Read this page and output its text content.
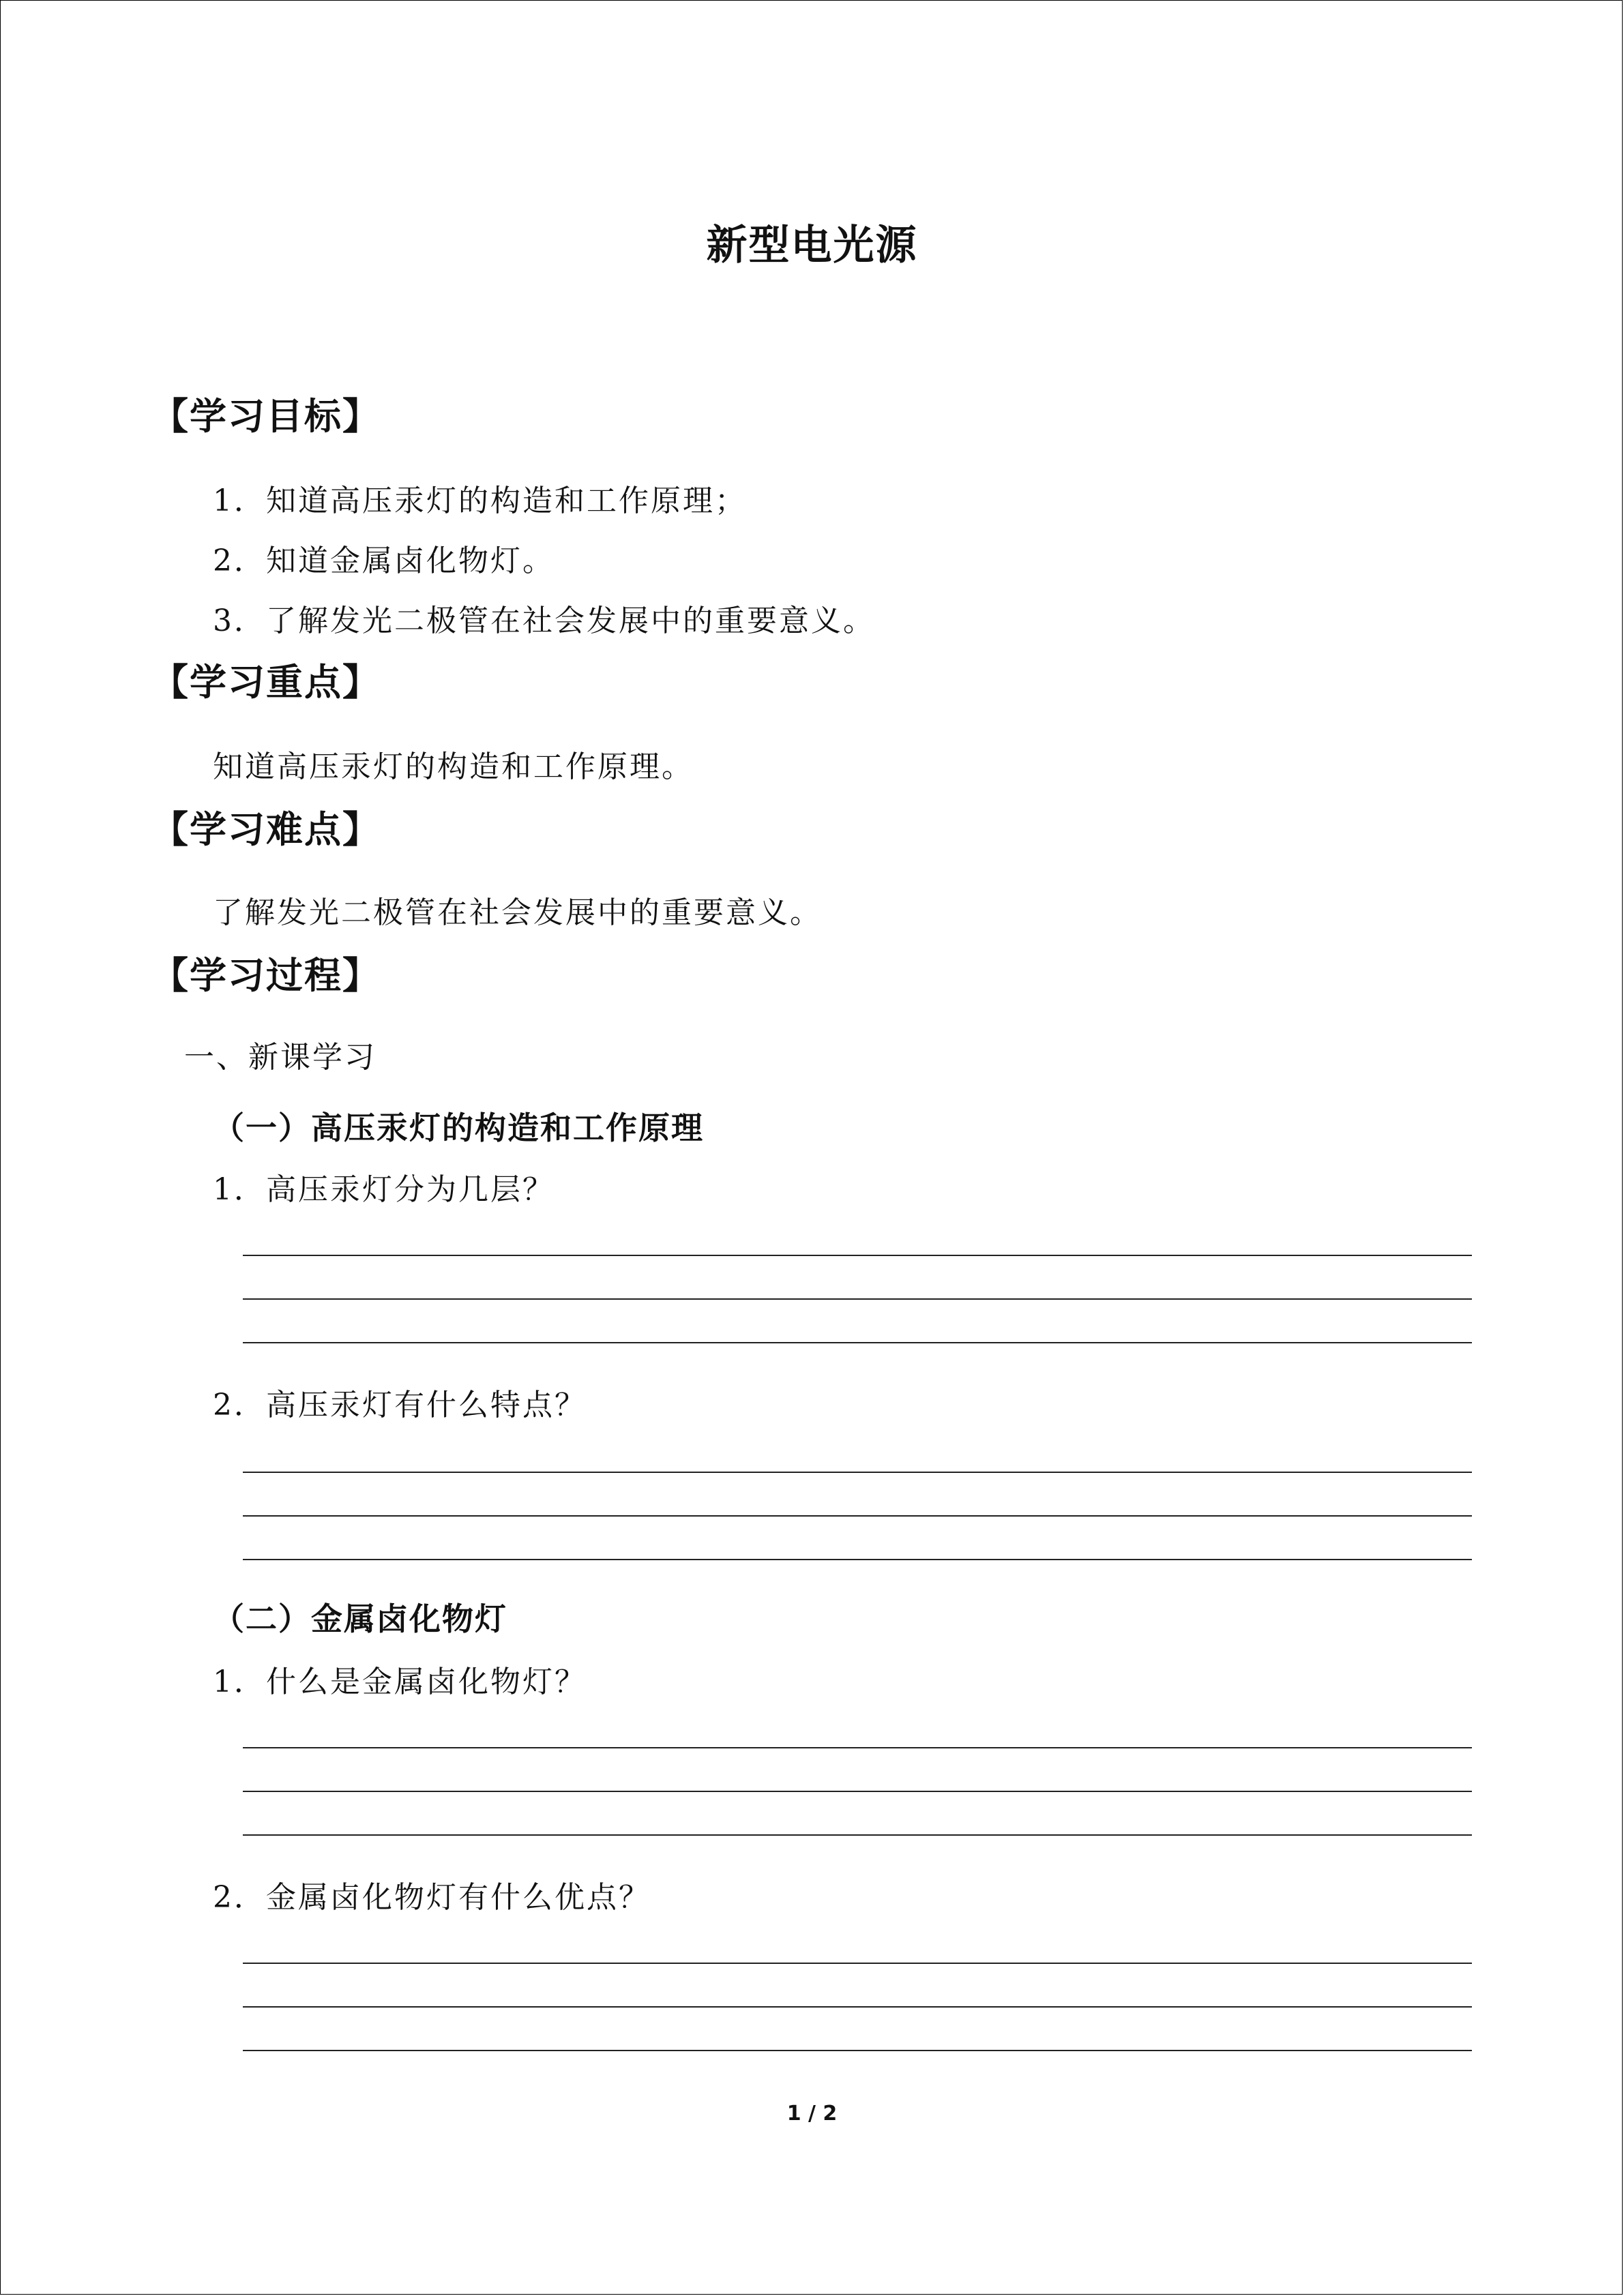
新型电光源
【学习目标】
1．知道高压汞灯的构造和工作原理；
2．知道金属卤化物灯。
3．了解发光二极管在社会发展中的重要意义。
【学习重点】
知道高压汞灯的构造和工作原理。
【学习难点】
了解发光二极管在社会发展中的重要意义。
【学习过程】
一、新课学习
（一）高压汞灯的构造和工作原理
1．高压汞灯分为几层？
2．高压汞灯有什么特点？
（二）金属卤化物灯
1．什么是金属卤化物灯？
2．金属卤化物灯有什么优点？
1 / 2
